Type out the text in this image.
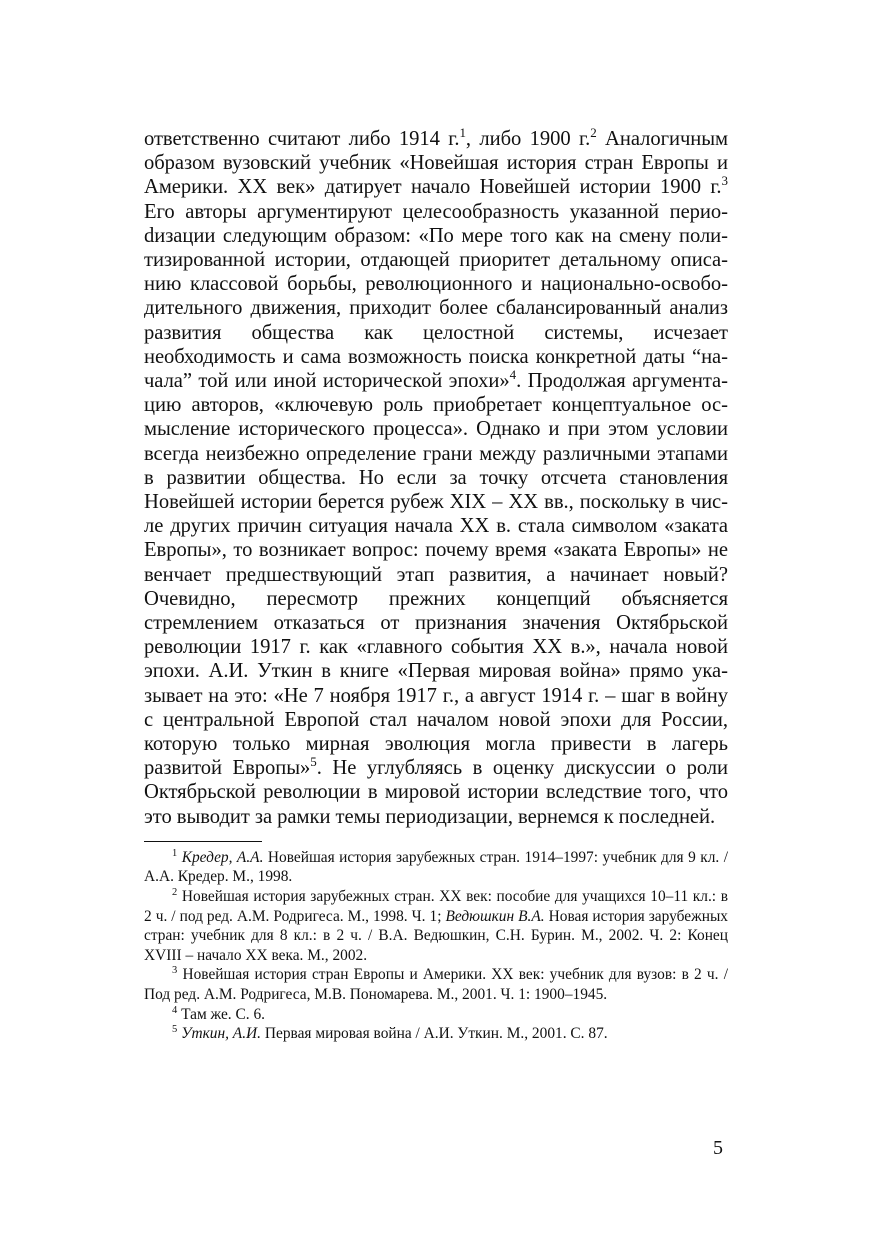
ответственно считают либо 1914 г.$^1$, либо 1900 г.$^2$ Аналогичным образом вузовский учебник «Новейшая история стран Европы и Америки. XX век» датирует начало Новейшей истории 1900 г.$^3$ Его авторы аргументируют целесообразность указанной периоdизации следующим образом: «По мере того как на смену политизированной истории, отдающей приоритет детальному описанию классовой борьбы, революционного и национально-освободительного движения, приходит более сбалансированный анализ развития общества как целостной системы, исчезает необходимость и сама возможность поиска конкретной даты “начала” той или иной исторической эпохи»$^4$. Продолжая аргументацию авторов, «ключевую роль приобретает концептуальное осмысление исторического процесса». Однако и при этом условии всегда неизбежно определение грани между различными этапами в развитии общества. Но если за точку отсчета становления Новейшей истории берется рубеж XIX – XX вв., поскольку в числе других причин ситуация начала XX в. стала символом «заката Европы», то возникает вопрос: почему время «заката Европы» не венчает предшествующий этап развития, а начинает новый? Очевидно, пересмотр прежних концепций объясняется стремлением отказаться от признания значения Октябрьской революции 1917 г. как «главного события XX в.», начала новой эпохи. А.И. Уткин в книге «Первая мировая война» прямо указывает на это: «Не 7 ноября 1917 г., а август 1914 г. – шаг в войну с центральной Европой стал началом новой эпохи для России, которую только мирная эволюция могла привести в лагерь развитой Европы»$^5$. Не углубляясь в оценку дискуссии о роли Октябрьской революции в мировой истории вследствие того, что это выводит за рамки темы периодизации, вернемся к последней.

$^1$ Кредер, А.А. Новейшая история зарубежных стран. 1914–1997: учебник для 9 кл. / А.А. Кредер. М., 1998.

$^2$ Новейшая история зарубежных стран. XX век: пособие для учащихся 10–11 кл.: в 2 ч. / под ред. А.М. Родригеса. М., 1998. Ч. 1; Ведюшкин В.А. Новая история зарубежных стран: учебник для 8 кл.: в 2 ч. / В.А. Ведюшкин, С.Н. Бурин. М., 2002. Ч. 2: Конец XVIII – начало XX века. М., 2002.

$^3$ Новейшая история стран Европы и Америки. XX век: учебник для вузов: в 2 ч. / Под ред. А.М. Родригеса, М.В. Пономарева. М., 2001. Ч. 1: 1900–1945.

$^4$ Там же. С. 6.

$^5$ Уткин, А.И. Первая мировая война / А.И. Уткин. М., 2001. С. 87.

5
